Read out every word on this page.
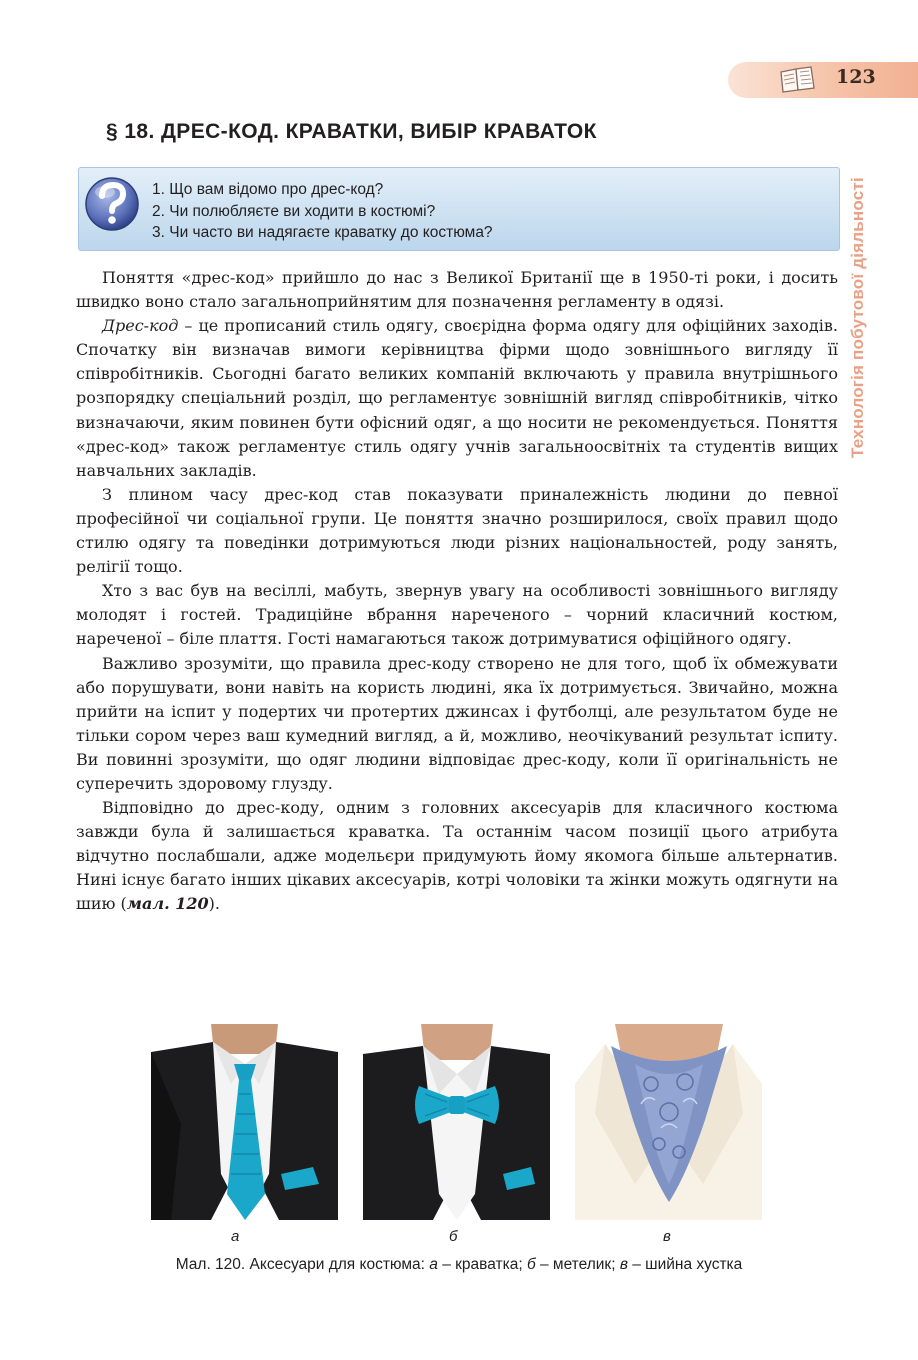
123
Технологія побутової діяльності
§ 18. ДРЕС-КОД. КРАВАТКИ, ВИБІР КРАВАТОК
1. Що вам відомо про дрес-код?
2. Чи полюбляєте ви ходити в костюмі?
3. Чи часто ви надягаєте краватку до костюма?

Поняття «дрес-код» прийшло до нас з Великої Британії ще в 1950-ті роки, і досить швидко воно стало загальноприйнятим для позначення регламенту в одязі.

Дрес-код – це прописаний стиль одягу, своєрідна форма одягу для офіційних заходів. Спочатку він визначав вимоги керівництва фірми щодо зовнішнього вигляду її співробітників. Сьогодні багато великих компаній включають у правила внутрішнього розпорядку спеціальний розділ, що регламентує зовнішній вигляд співробітників, чітко визначаючи, яким повинен бути офісний одяг, а що носити не рекомендується. Поняття «дрес-код» також регламентує стиль одягу учнів загальноосвітніх та студентів вищих навчальних закладів.

З плином часу дрес-код став показувати приналежність людини до певної професійної чи соціальної групи. Це поняття значно розширилося, своїх правил щодо стилю одягу та поведінки дотримуються люди різних національностей, роду занять, релігії тощо.

Хто з вас був на весіллі, мабуть, звернув увагу на особливості зовнішнього вигляду молодят і гостей. Традиційне вбрання нареченого – чорний класичний костюм, нареченої – біле плаття. Гості намагаються також дотримуватися офіційного одягу.

Важливо зрозуміти, що правила дрес-коду створено не для того, щоб їх обмежувати або порушувати, вони навіть на користь людині, яка їх дотримується. Звичайно, можна прийти на іспит у подертих чи протертих джинсах і футболці, але результатом буде не тільки сором через ваш кумедний вигляд, а й, можливо, неочікуваний результат іспиту. Ви повинні зрозуміти, що одяг людини відповідає дрес-коду, коли її оригінальність не суперечить здоровому глузду.

Відповідно до дрес-коду, одним з головних аксесуарів для класичного костюма завжди була й залишається краватка. Та останнім часом позиції цього атрибута відчутно послабшали, адже модельєри придумують йому якомога більше альтернатив. Нині існує багато інших цікавих аксесуарів, котрі чоловіки та жінки можуть одягнути на шию (мал. 120).

а	б	в
Мал. 120. Аксесуари для костюма: а – краватка; б – метелик; в – шийна хустка
